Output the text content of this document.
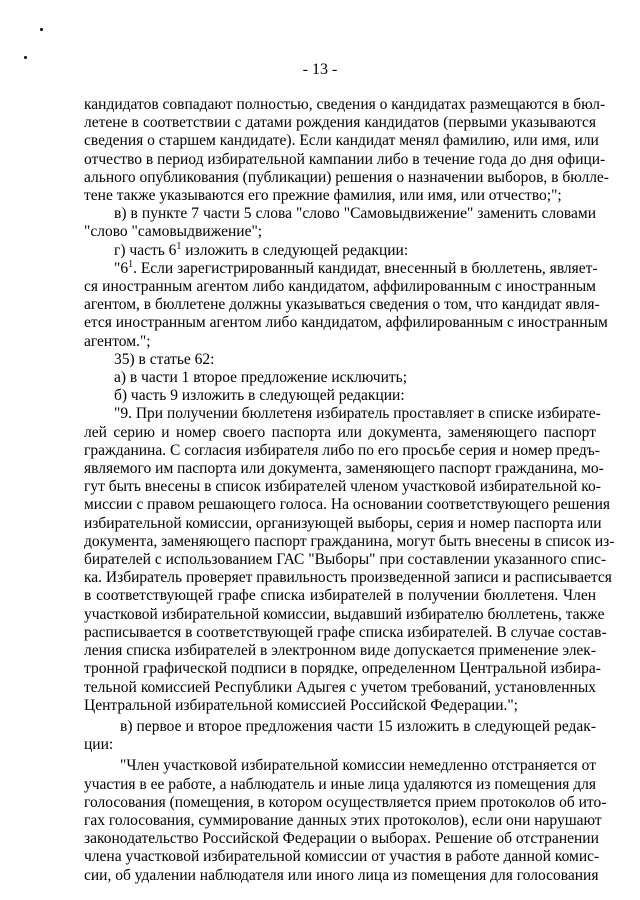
- 13 -
кандидатов совпадают полностью, сведения о кандидатах размещаются в бюл-
летене в соответствии с датами рождения кандидатов (первыми указываются
сведения о старшем кандидате). Если кандидат менял фамилию, или имя, или
отчество в период избирательной кампании либо в течение года до дня офици-
ального опубликования (публикации) решения о назначении выборов, в бюлле-
тене также указываются его прежние фамилия, или имя, или отчество;";
в) в пункте 7 части 5 слова "слово "Самовыдвижение" заменить словами
"слово "самовыдвижение";
г) часть $6^1$ изложить в следующей редакции:
"$6^1$. Если зарегистрированный кандидат, внесенный в бюллетень, являет-
ся иностранным агентом либо кандидатом, аффилированным с иностранным
агентом, в бюллетене должны указываться сведения о том, что кандидат явля-
ется иностранным агентом либо кандидатом, аффилированным с иностранным
агентом.";
35) в статье 62:
а) в части 1 второе предложение исключить;
б) часть 9 изложить в следующей редакции:
"9. При получении бюллетеня избиратель проставляет в списке избирате-
лей серию и номер своего паспорта или документа, заменяющего паспорт
гражданина. С согласия избирателя либо по его просьбе серия и номер предъ-
являемого им паспорта или документа, заменяющего паспорт гражданина, мо-
гут быть внесены в список избирателей членом участковой избирательной ко-
миссии с правом решающего голоса. На основании соответствующего решения
избирательной комиссии, организующей выборы, серия и номер паспорта или
документа, заменяющего паспорт гражданина, могут быть внесены в список из-
бирателей с использованием ГАС "Выборы" при составлении указанного спис-
ка. Избиратель проверяет правильность произведенной записи и расписывается
в соответствующей графе списка избирателей в получении бюллетеня. Член
участковой избирательной комиссии, выдавший избирателю бюллетень, также
расписывается в соответствующей графе списка избирателей. В случае состав-
ления списка избирателей в электронном виде допускается применение элек-
тронной графической подписи в порядке, определенном Центральной избира-
тельной комиссией Республики Адыгея с учетом требований, установленных
Центральной избирательной комиссией Российской Федерации.";
в) первое и второе предложения части 15 изложить в следующей редак-
ции:
"Член участковой избирательной комиссии немедленно отстраняется от
участия в ее работе, а наблюдатель и иные лица удаляются из помещения для
голосования (помещения, в котором осуществляется прием протоколов об ито-
гах голосования, суммирование данных этих протоколов), если они нарушают
законодательство Российской Федерации о выборах. Решение об отстранении
члена участковой избирательной комиссии от участия в работе данной комис-
сии, об удалении наблюдателя или иного лица из помещения для голосования
